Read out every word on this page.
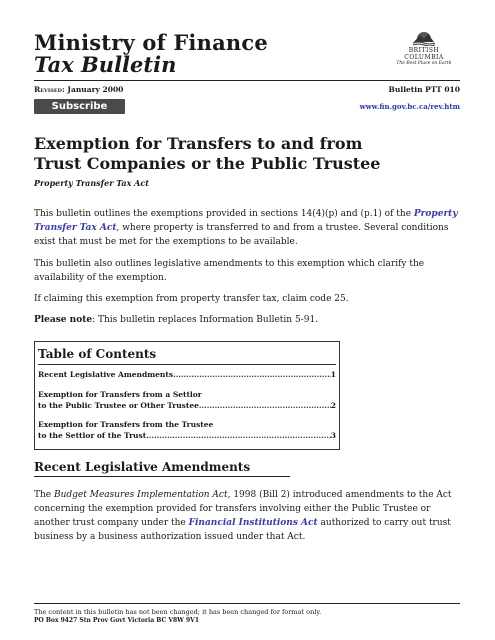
Ministry of Finance
Tax Bulletin
BRITISH
COLUMBIA
The Best Place on Earth
Revised: January 2000	Bulletin PTT 010
Subscribe	www.fin.gov.bc.ca/rev.htm
Exemption for Transfers to and from
Trust Companies or the Public Trustee
Property Transfer Tax Act
This bulletin outlines the exemptions provided in sections 14(4)(p) and (p.1) of the Property Transfer Tax Act, where property is transferred to and from a trustee. Several conditions exist that must be met for the exemptions to be available.
This bulletin also outlines legislative amendments to this exemption which clarify the availability of the exemption.
If claiming this exemption from property transfer tax, claim code 25.
Please note: This bulletin replaces Information Bulletin 5-91.
Table of Contents
Recent Legislative Amendments .....	1
Exemption for Transfers from a Settlor
to the Public Trustee or Other Trustee .....	2
Exemption for Transfers from the Trustee
to the Settlor of the Trust .....	3
Recent Legislative Amendments
The Budget Measures Implementation Act, 1998 (Bill 2) introduced amendments to the Act concerning the exemption provided for transfers involving either the Public Trustee or another trust company under the Financial Institutions Act authorized to carry out trust business by a business authorization issued under that Act.
The content in this bulletin has not been changed; it has been changed for format only.
PO Box 9427 Stn Prov Govt Victoria BC V8W 9V1
